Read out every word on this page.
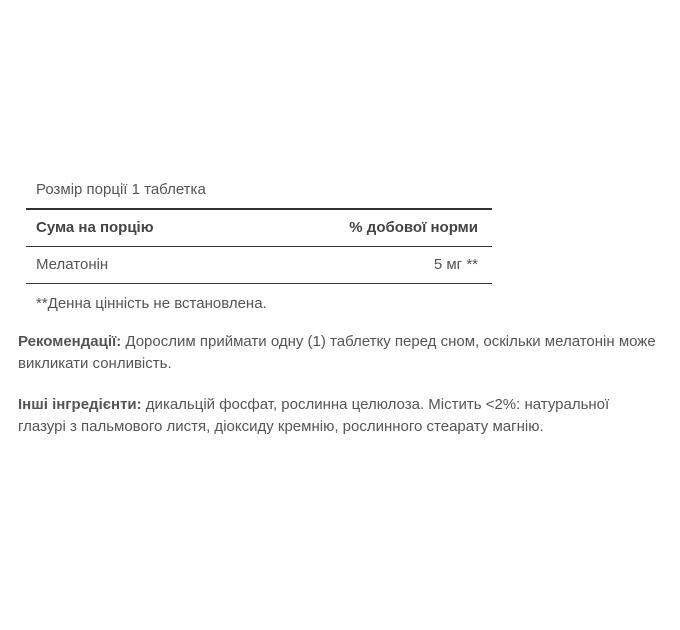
Розмір порції 1 таблетка
Сума на порцію	% добової норми
Мелатонін	5 мг **
**Денна цінність не встановлена.
Рекомендації: Дорослим приймати одну (1) таблетку перед сном, оскільки мелатонін може викликати сонливість.
Інші інгредієнти: дикальцій фосфат, рослинна целюлоза. Містить <2%: натуральної глазурі з пальмового листя, діоксиду кремнію, рослинного стеарату магнію.
